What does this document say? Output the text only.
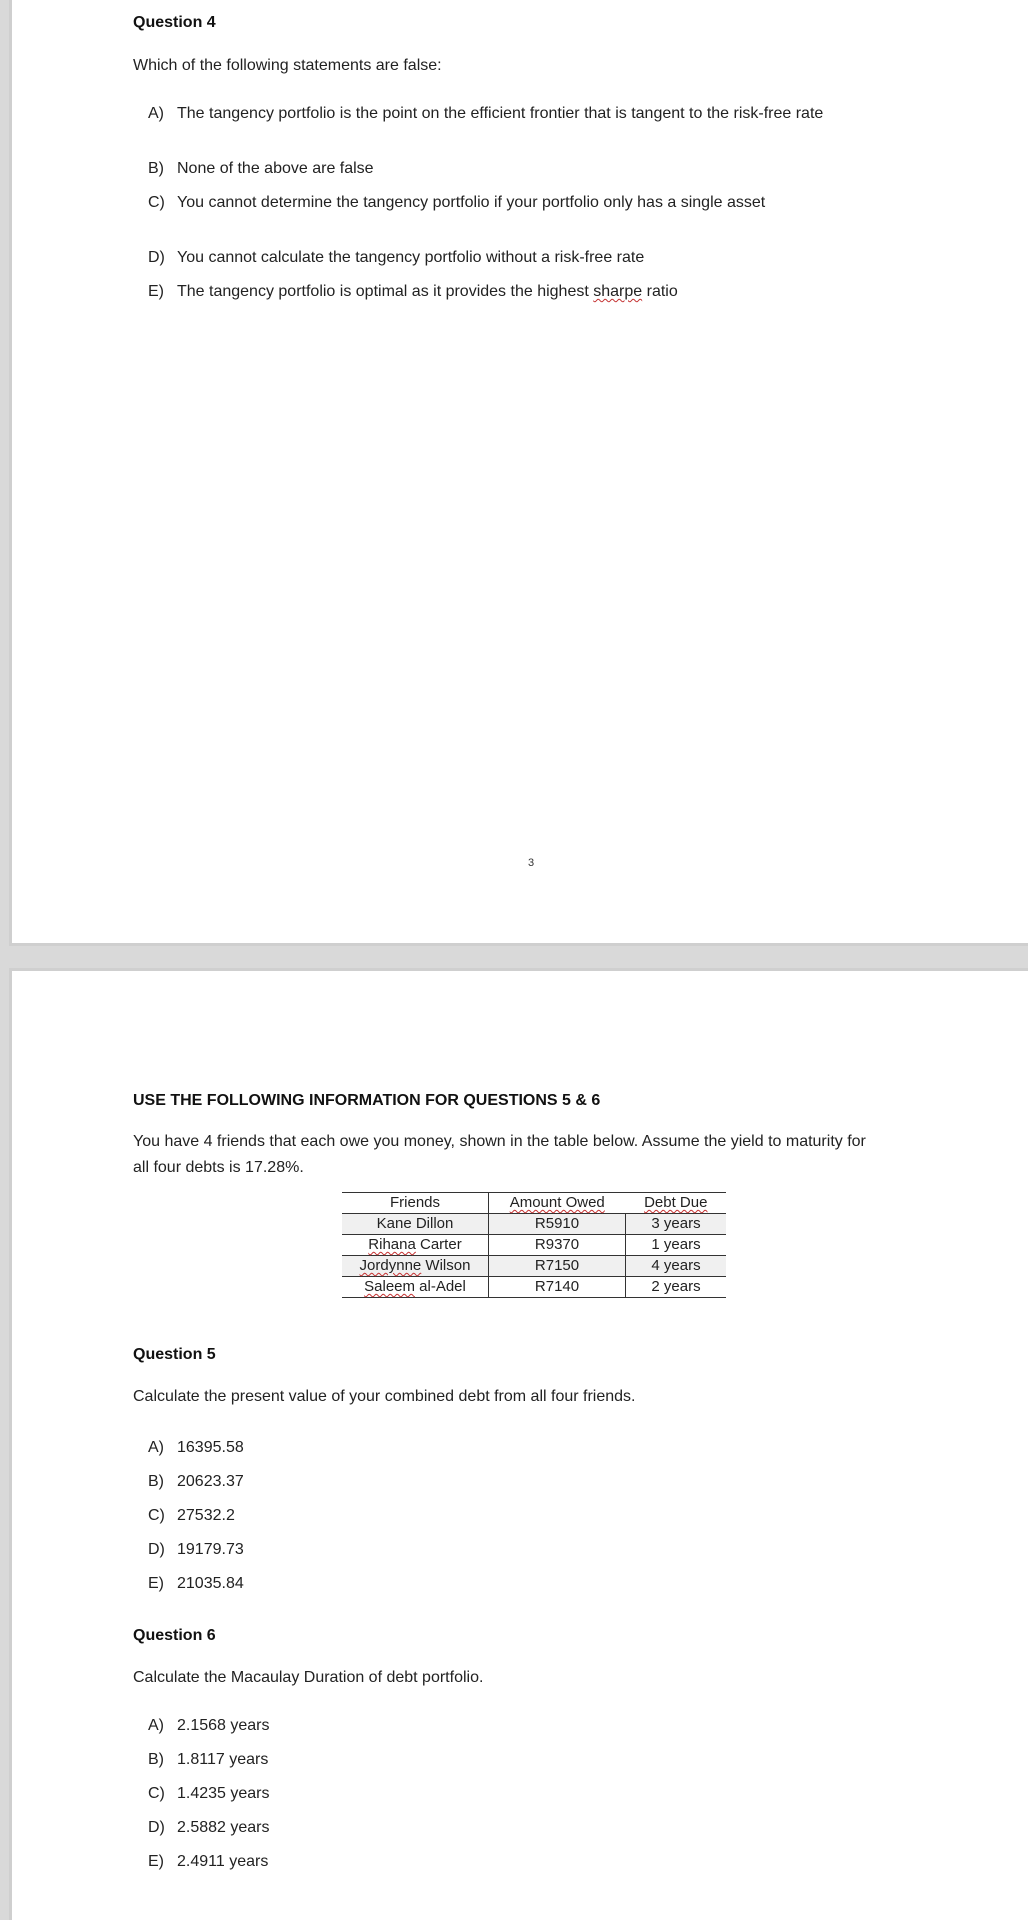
Question 4
Which of the following statements are false:
A) The tangency portfolio is the point on the efficient frontier that is tangent to the risk-free rate
B) None of the above are false
C) You cannot determine the tangency portfolio if your portfolio only has a single asset
D) You cannot calculate the tangency portfolio without a risk-free rate
E) The tangency portfolio is optimal as it provides the highest sharpe ratio
3
USE THE FOLLOWING INFORMATION FOR QUESTIONS 5 & 6
You have 4 friends that each owe you money, shown in the table below. Assume the yield to maturity for
all four debts is 17.28%.
Friends	Amount Owed	Debt Due
Kane Dillon	R5910	3 years
Rihana Carter	R9370	1 years
Jordynne Wilson	R7150	4 years
Saleem al-Adel	R7140	2 years
Question 5
Calculate the present value of your combined debt from all four friends.
A) 16395.58
B) 20623.37
C) 27532.2
D) 19179.73
E) 21035.84
Question 6
Calculate the Macaulay Duration of debt portfolio.
A) 2.1568 years
B) 1.8117 years
C) 1.4235 years
D) 2.5882 years
E) 2.4911 years
